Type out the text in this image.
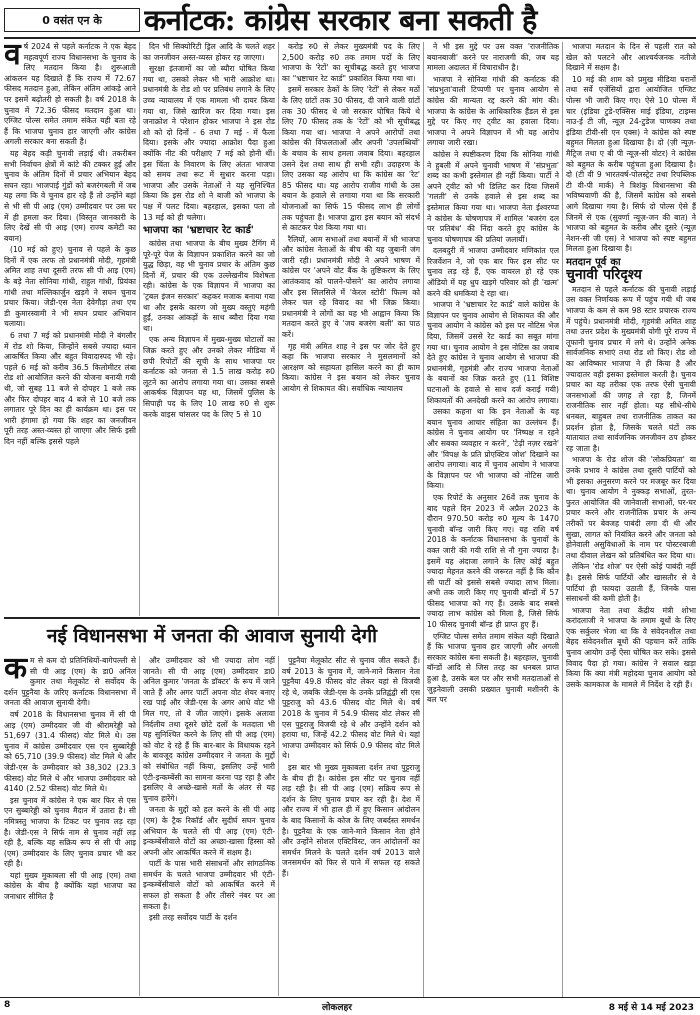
0 वसंत एन के	कर्नाटक: कांग्रेस सरकार बना सकती है
व र्ष 2024 से पहले कर्नाटक ने एक बेहद महत्वपूर्ण राज्य विधानसभा के चुनाव के लिए मतदान किया है। शुरूआती आंकलन यह दिखाते हैं कि राज्य में 72.67 फीसद मतदान हुआ, लेकिन अंतिम आंकड़े आने पर इसमें बढ़ोतरी हो सकती है। वर्ष 2018 के चुनाव में 72.36 फीसद मतदान हुआ था। एग्जिट पोल्स समेत तमाम संकेत यही बता रहे हैं कि भाजपा चुनाव हार जाएगी और कांग्रेस अगली सरकार बना सकती है।

यह बेहद कड़ी चुनावी लड़ाई थी। तकरीबन सभी निर्वाचन क्षेत्रों में कांटे की टक्कर हुई और चुनाव के अंतिम दिनों में प्रचार अभियान बेहद सघन रहा। भाजपाई गुंडों को बजरंगबली में जब यह लगा कि वे चुनाव हार रहे हैं तो उन्होंने बहां से भी सी पी आइ (एम) उम्मीदवार पर उस घर में ही हमला कर दिया। (विस्तृत जानकारी के लिए देखें सी पी आइ (एम) राज्य कमेटी का बयान)

(10 मई को हुए) चुनाव से पहले के कुछ दिनों में एक तरफ तो प्रधानमंत्री मोदी, गृहमंत्री अमित शाह तथा दूसरी तरफ सी पी आइ (एम) के बड़े नेता सोनिया गांधी, राहुल गांधी, प्रियंका गांधी तथा मल्लिकार्जुन खड़गे ने सघन चुनाव प्रचार किया। जेडी-एस नेता देवेगौड़ा तथा एच डी कुमारस्वामी ने भी सघन प्रचार अभियान चलाया।

6 तथा 7 मई को प्रधानमंत्री मोदी ने बंगलौर में रोड शो किया, जिन्होंने सबसे ज्यादा ध्यान आकर्षित किया और बहुत विवादास्पद भी रहे। पहले 6 मई को करीब 36.5 किलोमीटर लंबा रोड शो आयोजित करने की योजना बनायी गयी थी, जो सुबह 11 बजे से दोपहर 1 बजे तक और फिर दोपहर बाद 4 बजे से 10 बजे तक लगातार पूरे दिन का ही कार्यक्रम था। इस पर भारी हंगामा हो गया कि शहर का जनजीवन पूरी तरह अस्त-व्यस्त हो जाएगा और सिर्फ इसी दिन नहीं बल्कि इससे पहले

दिन भी सिक्योरिटी ड्रिल आदि के चलते शहर का जनजीवन अस्त-व्यस्त होकर रह जाएगा।

सुरक्षा इंतजामों का जो ब्यौरा घोषित किया गया था, उसको लेकर भी भारी आक्रोश था। प्रधानमंत्री के रोड शो पर प्रतिबंध लगाने के लिए उच्च न्यायालय में एक मामला भी दायर किया गया था, जिसे खारिज कर दिया गया। इस जनाक्रोश ने परेशान होकर भाजपा ने इस रोड शो को दो दिनों - 6 तथा 7 मई - में फैला दिया। इसके और ज्यादा आक्रोश पैदा हुआ क्योंकि नीट की परीक्षाएं 7 मई को होनी थीं। इस चिंता के निवारण के लिए अंततः भाजपा को समय तथा रूट में सुधार करना पड़ा। भाजपा और उसके नेताओं ने यह सुनिश्चित किया कि इस रोड शो ने बाजी को भाजपा के पक्ष में पलट दिया। बहरहाल, इसका पता तो 13 मई को ही चलेगा।

भाजपा का 'भ्रष्टाचार रेट कार्ड'

कांग्रेस तथा भाजपा के बीच मुख्य टैगिंग में पूरे-पूरे पेज के विज्ञापन प्रकाशित करने का जो युद्ध छिड़ा, वह भी चुनाव प्रचार के अंतिम कुछ दिनों में, प्रचार की एक उल्लेखनीय विशेषता रही। कांग्रेस के एक विज्ञापन में भाजपा का 'ट्रबल इंजन सरकार' कहकर मजाक बनाया गया था और इसके कारण जो मुख्य वस्तुएं महंगी हुईं, उनका आंकड़ों के साथ ब्यौरा दिया गया था।

एक अन्य विज्ञापन में मुख्य-मुख्य घोटालों का जिक्र करते हुए और उनको लेकर मीडिया में छपी रिपोर्टों की सूची के साथ भाजपा पर कर्नाटक को जनता से 1.5 लाख करोड़ रु0 लूटने का आरोप लगाया गया था। उसका सबसे आकर्षक विज्ञापन यह था, जिसमें पुलिस के सिपाही पद के लिए 10 लाख रु0 से शुरू करके वाइस चांसलर पद के लिए 5 से 10

करोड़ रु0 से लेकर मुख्यमंत्री पद के लिए 2,500 करोड़ रु0 तक तमाम पदों के लिए भाजपा के 'रेटों' का सूचीबद्ध करते हुए भाजपा का "भ्रष्टाचार रेट कार्ड" प्रकाशित किया गया था।

इसमें सरकार ठेकों के लिए 'रेटों' से लेकर मठों के लिए ग्रांटों तक 30 फीसद, दी जाने वाली ग्रांटों तक 30 फीसद थे जो सरकार घोषित किये थे लिए 70 फीसद तक के 'रेटों' को भी सूचीबद्ध किया गया था। भाजपा ने अपने आरोपों तथा कांग्रेस की विफलताओं और अपनी 'उपलब्धियों' के बचाव के साथ हमला जवाब दिया। बहरहाल उसने देश तथा साथ ही सभी रही। उदाहरण के लिए उसका यह आरोप था कि कांग्रेस का 'रेट' 85 फीसद था। यह आरोप राजीव गांधी के उस बयान के हवाले से लगाया गया था कि सरकारी योजनाओं का सिर्फ 15 फीसद लाभ ही लोगों तक पहुंचता है। भाजपा द्वारा इस बयान को संदर्भ से काटकर पेश किया गया था।

रैलियों, आम सभाओं तथा बयानों में भी भाजपा और कांग्रेस नेताओं के बीच की यह जुबानी जंग जारी रही। प्रधानमंत्री मोदी ने अपने भाषण में कांग्रेस पर 'अपने वोट बैंक के तुष्टिकरण के लिए आतंकवाद को पालने-पोसने' का आरोप लगाया और इस सिलसिले में 'केरल स्टोरी' फिल्म को लेकर चल रहे विवाद का भी जिक्र किया। प्रधानमंत्री ने लोगों का यह भी आह्वान किया कि मतदान करते हुए वे 'जय बजरंग बली' का पाठ करें।

गृह मंत्री अमित शाह ने इस पर जोर देते हुए कहा कि भाजपा सरकार ने मुसलमानों को आरक्षण को सहायता हासिल करने का ही काम किया। कांग्रेस ने इस बयान को लेकर चुनाव आयोग से शिकायत की। सर्वाधिक न्यायालय

ने भी इस मुद्दे पर उस वक्त 'राजनीतिक बयानबाजी' करने पर नाराजगी की, जब यह मामला अदालत में विचाराधीन है।

भाजपा ने सोनिया गांधी की कर्नाटक की 'संप्रभुता'वाली टिप्पणी पर चुनाव आयोग से कांग्रेस की मान्यता रद्द करने की मांग की। भाजपा के कांग्रेस के आधिकारिक हैंडल से इस मुद्दे पर किए गए ट्वीट का हवाला दिया। भाजपा ने अपने विज्ञापन में भी यह आरोप लगाया जारी रखा।

कांग्रेस ने स्पष्टीकरण दिया कि सोनिया गांधी ने हुबली में अपने चुनावी भाषण में 'संप्रभुता' शब्द का कभी इस्तेमाल ही नहीं किया। पार्टी ने अपने ट्वीट को भी डिलिट कर दिया जिसमें 'गलती' से उनके हवाले से इस शब्द का इस्तेमाल किया गया था। भाजपा नेता ईश्वरप्पा ने कांग्रेस के घोषणापत्र में शामिल 'बजरंग दल पर प्रतिबंध' की निंदा करते हुए कांग्रेस के चुनाव घोषणापत्र की प्रतियां जलायीं।

दलबदुरी में भाजपा उम्मीदवार मणिकांत एल रिजर्वेशन ने, जो एक बार फिर इस सीट पर चुनाव लड़ रहे हैं, एक वायरल हो रहे एक ऑडियो में यह धुप खड़गे परिवार को ही 'खत्म' करने की धमकियां दे रहा था।

भाजपा ने 'भ्रष्टाचार रेट कार्ड' वाले कांग्रेस के विज्ञापन पर चुनाव आयोग से शिकायत की और चुनाव आयोग ने कांग्रेस को इस पर नोटिस भेज दिया, जिसमें उससे रेट कार्ड का सबूत मांगा गया था। चुनाव आयोग ने इस नोटिस का जवाब देते हुए कांग्रेस ने चुनाव आयोग से भाजपा की प्रधानमंत्री, गृहमंत्री और राज्य भाजपा नेताओं के बयानों का जिक्र करते हुए (11 विशिष्ट घटनाओं के हवाले से साथ दर्ज कराई गयी) शिकायतों की अनदेखी करने का आरोप लगाया।

उसका कहना था कि इन नेताओं के यह बयान चुनाव आचार संहिता का उल्लंघन हैं। कांग्रेस ने चुनाव आयोग पर 'निष्पक्ष न रहने और सबका व्यवहार न करने', 'टेढ़ी नज़र रखने' और 'विपक्ष के प्रति प्रोएक्टिव जोश' दिखाने का आरोप लगाया। बाद में चुनाव आयोग ने भाजपा के विज्ञापन पर भी भाजपा को नोटिस जारी किया।

एक रिपोर्ट के अनुसार 26वें तक चुनाव के बाद पहले दिन 2023 में अप्रैल 2023 के दौरान 970.50 करोड़ रु0 मूल्य के 1470 चुनावी बॉन्ड जारी किए गए। यह राशि वर्ष 2018 के कर्नाटक विधानसभा के चुनावों के वक्त जारी की गयी राशि से नौ गुना ज्यादा है। इसमें यह अंदाजा लगाने के लिए कोई बहुत ज्यादा मेहनत करने की जरूरत नहीं है कि कौन सी पार्टी को इससे सबसे ज्यादा लाभ मिला। अभी तक जारी किए गए चुनावी बॉन्डों में 57 फीसद भाजपा को गए हैं। उसके बाद सबसे ज्यादा लाभ कांग्रेस को मिला है, जिसे सिर्फ 10 फीसद चुनावी बॉन्ड ही प्राप्त हुए हैं।

एग्जिट पोल्स समेत तमाम संकेत यही दिखाते हैं कि भाजपा चुनाव हार जाएगी और अगली सरकार कांग्रेस बना सकती है। बहरहाल, चुनावी बॉन्डों आदि से जिस तरह का धनबल प्राप्त हुआ है, उसके बल पर और सभी मतदाताओं से जुड़नेवाली उसकी प्रख्यात चुनावी मशीनरी के बल पर

भाजपा मतदान के दिन से पहली रात को खेल को पलटने और आश्चर्यजनक नतीजे दिखाने में सक्षम है।

10 मई की शाम को प्रमुख मीडिया घरानों तथा सर्वे एजेंसियों द्वारा आयोजित एग्जिट पोल्स भी जारी किए गए। ऐसे 10 पोल्स में चार (इंडिया टुडे-एक्सिस माई इंडिया, टाइम्स नाउ-ई टी जी, न्यूज़ 24-टुडेज चाणक्य तथा इंडिया टीवी-सी एन एक्स) ने कांग्रेस को स्पष्ट बहुमत मिलता हुआ दिखाया है। दो (ज़ी न्यूज़-मैट्रिज तथा ए बी पी न्यूज़-सी वोटर) ने कांग्रेस को बहुमत के करीब पहुंचता हुआ दिखाया है। दो (टी वी 9 भारतवर्ष-पोलस्ट्रेट तथा रिपब्लिक टी वी-पी मार्क) ने त्रिशंकु विधानसभा की भविष्यवाणी की है, जिसमें कांग्रेस को सबसे आगे दिखाया गया है। सिर्फ दो पोल्स ऐसे हैं जिनमें से एक (सुवर्णा न्यूज़-जन की बात) ने भाजपा को बहुमत के करीब और दूसरे (न्यूज़ नेशन-सी जी एस) ने भाजपा को स्पष्ट बहुमत मिलता हुआ दिखाया है।

मतदान पूर्व का
चुनावी परिदृश्य

मतदान से पहले कर्नाटक की चुनावी लड़ाई उस वक्त निर्णायक रूप में पहुंच गयी थी जब भाजपा के कम से कम 98 स्टार प्रचारक राज्य में पहुंचे। प्रधानमंत्री मोदी, गृहमंत्री अमित शाह तथा उत्तर प्रदेश के मुख्यमंत्री योगी पूरे राज्य में तूफानी चुनाव प्रचार में लगे थे। उन्होंने अनेक सार्वजनिक सभाएं तथा रोड शो किए। रोड शो का आविष्कार भाजपा ने ही किया है और ज्यादातर वही इसका इस्तेमाल करती है। चुनाव प्रचार का यह तरीका एक तरफ ऐसी चुनावी जनसभाओं की जगह ले रहा है, जिनमें राजनीतिक सार नहीं होता। यह सीधे-सीधे धनबल, बाहुबल तथा राजनीतिक ताकत का प्रदर्शन होता है, जिसके चलते घंटों तक यातायात तथा सार्वजनिक जनजीवन ठप होकर रह जाता है।

भाजपा के रोड शोज की 'लोकप्रियता' या उनके प्रभाव ने कांग्रेस तथा दूसरी पार्टियों को भी इसका अनुसरण करने पर मजबूर कर दिया था। चुनाव आयोग ने नुक्कड़ सभाओं, तुरत-फुरत आयोजित की जानेवाली सभाओं, घर-घर प्रचार करने और राजनीतिक प्रचार के अन्य तरीकों पर बेवजह पाबंदी लगा दी थी और सुखा, लागत को नियंत्रित करने और जनता को होनेवाली असुविधाओं के नाम पर पोस्टरबाजी तथा दीवाल लेखन को प्रतिबंधित कर दिया था।

लेकिन 'रोड शोज' पर ऐसी कोई पाबंदी नहीं है। इससे सिर्फ पार्टियों और खासतौर से वे पार्टियां ही फायदा उठाती हैं, जिनके पास संसाधनों की कमी होती है।

भाजपा नेता तथा केंद्रीय मंत्री शोभा करांदलाजी ने भाजपा के तमाम बूथों के लिए एक सर्कुलर भेजा था कि वे संवेदनशील तथा बेहद संवेदनशील बूथों की पहचान करें ताकि चुनाव आयोग उन्हें ऐसा घोषित कर सके। इससे विवाद पैदा हो गया। कांग्रेस ने सवाल खड़ा किया कि क्या मंत्री महोदया चुनाव आयोग को उसके कामकाज के मामले में निर्देश दे रही हैं।

नई विधानसभा में जनता की आवाज सुनायी देगी
क म से कम दो प्रतिनिधियों-बागेपल्ली से सी पी आइ (एम) के डा0 अनिल कुमार तथा मेलूकोट से सर्वोदय के दर्शन पुट्टनैया के जरिए कर्नाटक विधानसभा में जनता की आवाज सुनायी देगी।

वर्ष 2018 के विधानसभा चुनाव में सी पी आइ (एम) उम्मीदवार जी वी श्रीरामरेड्डी को 51,697 (31.4 फीसद) वोट मिले थे। उस चुनाव में कांग्रेस उम्मीदवार एस एन सुब्बारेड्डी को 65,710 (39.9 फीसद) वोट मिले थे और जेडी-एस के उम्मीदवार को 38,302 (23.3 फीसद) वोट मिले थे और भाजपा उम्मीदवार को 4140 (2.52 फीसद) वोट मिले थे।

इस चुनाव में कांग्रेस ने एक बार फिर से एस एन सुब्बारेड्डी को चुनाव मैदान में उतारा है। सी नमित्रस्तु भाजपा के टिकट पर चुनाव लड़ रहा है। जेडी-एस ने सिर्फ नाम से चुनाव नहीं लड़ रही है, बल्कि यह सक्रिय रूप से सी पी आइ (एम) उम्मीदवार के लिए चुनाव प्रचार भी कर रही है।

यहां मुख्य मुकाबला सी पी आइ (एम) तथा कांग्रेस के बीच है क्योंकि यहां भाजपा का जनाधार सीमित है

और उम्मीदवार को भी ज्यादा लोग नहीं जानते। सी पी आइ (एम) उम्मीदवार डा0 अनिल कुमार 'जनता के डॉक्टर' के रूप में जाने जाते हैं और अगर पार्टी अपना वोट शेयर बनाए रख पाई और जेडी-एस के अगर आधे वोट भी मिल गए, तो वे जीत जाएंगे। इसके अलावा निर्दलीय तथा दूसरे छोटे दलों के मतदाता भी यह सुनिश्चित करने के लिए सी पी आइ (एम) को वोट दे रहे हैं कि बार-बार के विधायक रहने के बावजूद कांग्रेस उम्मीदवार ने जनता के मुद्दों को संबोधित नहीं किया, इसलिए उन्हें भारी एंटी-इन्कम्बेंसी का सामना करना पड़ रहा है और इसलिए वे अच्छे-खासे मतों के अंतर से यह चुनाव हारेंगे।

जनता के मुद्दों को हल करने के सी पी आइ (एम) के ट्रैक रिकॉर्ड और सुदीर्घ सघन चुनाव अभियान के चलते सी पी आइ (एम) एंटी-इन्कम्बेंसीवाले वोटों का अच्छा-खासा हिस्सा को अपनी ओर आकर्षित करने में सक्षम है।

पार्टी के पास भारी संसाधनों और सांगठनिक समर्थन के चलते भाजपा उम्मीदवार भी एंटी-इन्कम्बेंसीवाले वोटों को आकर्षित करने में सफल हो सकता है और तीसरे नंबर पर आ सकता है।

इसी तरह सर्वोदय पार्टी के दर्शन

पुट्टनैया मेलूकोट सीट से चुनाव जीत सकते हैं। वर्ष 2013 के चुनाव में, जाने-माने किसान नेता पुट्टनैया 49.8 फीसद वोट लेकर यहां से विजयी रहे थे, जबकि जेडी-एस के उनके प्रतिद्वंद्वी सी एस पुट्टराजु को 43.6 फीसद वोट मिले थे। वर्ष 2018 के चुनाव में 54.9 फीसद वोट लेकर सी एस पुट्टराजु विजयी रहे थे और उन्होंने दर्शन को हराया था, जिन्हें 42.2 फीसद वोट मिले थे। यहां भाजपा उम्मीदवार को सिर्फ 0.9 फीसद वोट मिले थे।

इस बार भी मुख्य मुकाबला दर्शन तथा पुट्टराजु के बीच ही है। कांग्रेस इस सीट पर चुनाव नहीं लड़ रही है। सी पी आइ (एम) सक्रिय रूप से दर्शन के लिए चुनाव प्रचार कर रही है। देश में और राज्य में भी हाल ही में हुए किसान आंदोलन के बाद किसानों के कोज के लिए जबर्दस्त समर्थन है। पुट्टनैया के एक जाने-माने किसान नेता होने और उन्होंने सोशल एक्टिविस्ट, जन आंदोलनों का समर्थन मिलने के चलते दर्शन वर्ष 2013 वाले जनसमर्थन को फिर से पाने में सफल रह सकते हैं।

8	लोकलहर	8 मई से 14 मई 2023
